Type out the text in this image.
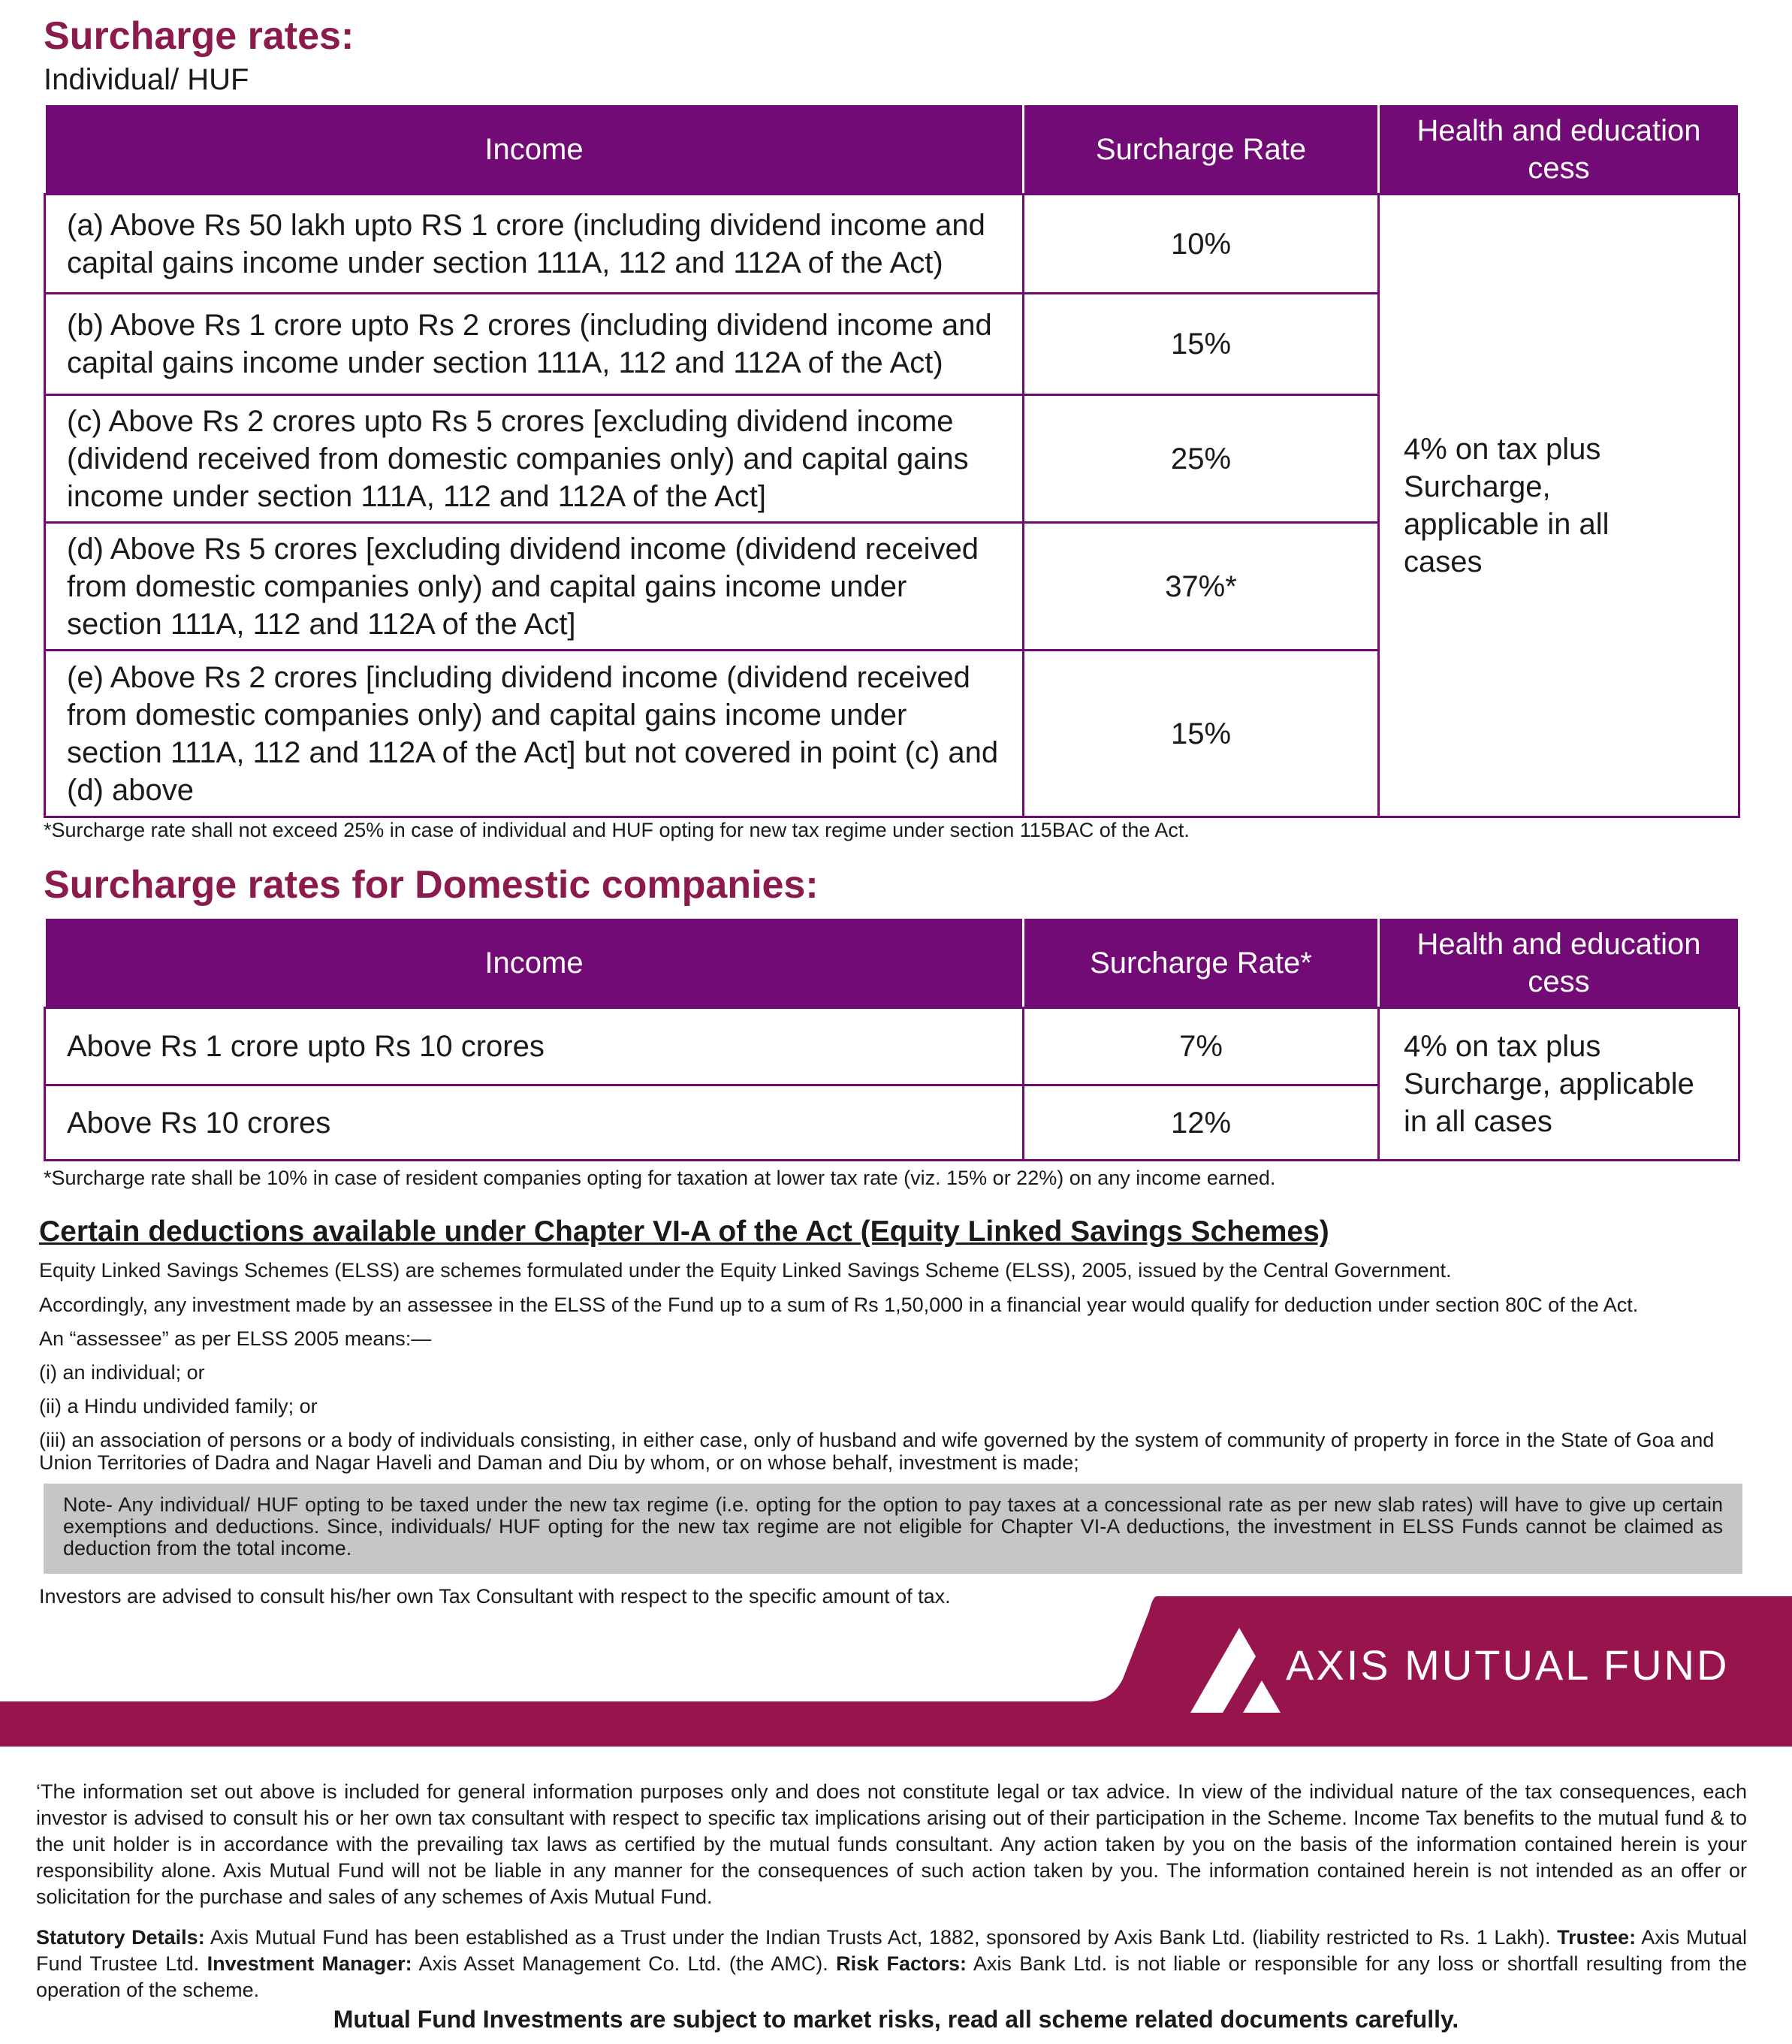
Surcharge rates:
Individual/ HUF
Income	Surcharge Rate	Health and education cess
(a) Above Rs 50 lakh upto RS 1 crore (including dividend income and capital gains income under section 111A, 112 and 112A of the Act)	10%	4% on tax plus Surcharge, applicable in all cases
(b) Above Rs 1 crore upto Rs 2 crores (including dividend income and capital gains income under section 111A, 112 and 112A of the Act)	15%	
(c) Above Rs 2 crores upto Rs 5 crores [excluding dividend income (dividend received from domestic companies only) and capital gains income under section 111A, 112 and 112A of the Act]	25%	
(d) Above Rs 5 crores [excluding dividend income (dividend received from domestic companies only) and capital gains income under section 111A, 112 and 112A of the Act]	37%*	
(e) Above Rs 2 crores [including dividend income (dividend received from domestic companies only) and capital gains income under section 111A, 112 and 112A of the Act] but not covered in point (c) and (d) above	15%	
*Surcharge rate shall not exceed 25% in case of individual and HUF opting for new tax regime under section 115BAC of the Act.
Surcharge rates for Domestic companies:
Income	Surcharge Rate*	Health and education cess
Above Rs 1 crore upto Rs 10 crores	7%	4% on tax plus Surcharge, applicable in all cases
Above Rs 10 crores	12%	
*Surcharge rate shall be 10% in case of resident companies opting for taxation at lower tax rate (viz. 15% or 22%) on any income earned.
Certain deductions available under Chapter VI-A of the Act (Equity Linked Savings Schemes)
Equity Linked Savings Schemes (ELSS) are schemes formulated under the Equity Linked Savings Scheme (ELSS), 2005, issued by the Central Government.
Accordingly, any investment made by an assessee in the ELSS of the Fund up to a sum of Rs 1,50,000 in a financial year would qualify for deduction under section 80C of the Act.
An “assessee” as per ELSS 2005 means:—
(i) an individual; or
(ii) a Hindu undivided family; or
(iii) an association of persons or a body of individuals consisting, in either case, only of husband and wife governed by the system of community of property in force in the State of Goa and Union Territories of Dadra and Nagar Haveli and Daman and Diu by whom, or on whose behalf, investment is made;
Note- Any individual/ HUF opting to be taxed under the new tax regime (i.e. opting for the option to pay taxes at a concessional rate as per new slab rates) will have to give up certain exemptions and deductions. Since, individuals/ HUF opting for the new tax regime are not eligible for Chapter VI-A deductions, the investment in ELSS Funds cannot be claimed as deduction from the total income.
Investors are advised to consult his/her own Tax Consultant with respect to the specific amount of tax.
AXIS MUTUAL FUND
‘The information set out above is included for general information purposes only and does not constitute legal or tax advice. In view of the individual nature of the tax consequences, each investor is advised to consult his or her own tax consultant with respect to specific tax implications arising out of their participation in the Scheme. Income Tax benefits to the mutual fund & to the unit holder is in accordance with the prevailing tax laws as certified by the mutual funds consultant. Any action taken by you on the basis of the information contained herein is your responsibility alone. Axis Mutual Fund will not be liable in any manner for the consequences of such action taken by you. The information contained herein is not intended as an offer or solicitation for the purchase and sales of any schemes of Axis Mutual Fund.
Statutory Details: Axis Mutual Fund has been established as a Trust under the Indian Trusts Act, 1882, sponsored by Axis Bank Ltd. (liability restricted to Rs. 1 Lakh). Trustee: Axis Mutual Fund Trustee Ltd. Investment Manager: Axis Asset Management Co. Ltd. (the AMC). Risk Factors: Axis Bank Ltd. is not liable or responsible for any loss or shortfall resulting from the operation of the scheme.
Mutual Fund Investments are subject to market risks, read all scheme related documents carefully.
